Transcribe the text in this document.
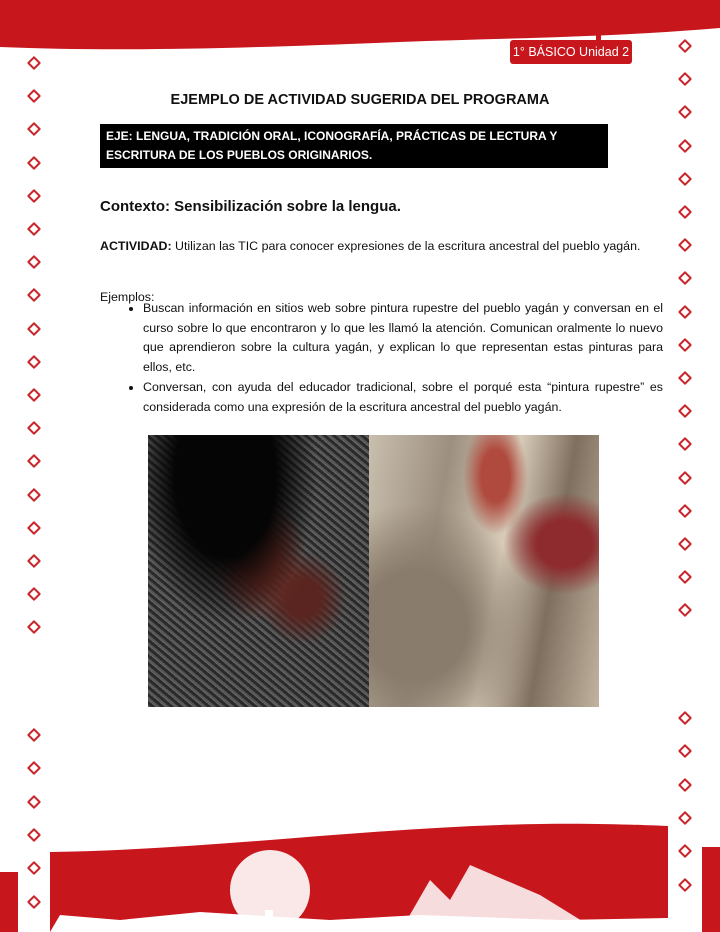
1° BÁSICO Unidad 2
EJEMPLO DE ACTIVIDAD SUGERIDA DEL PROGRAMA
EJE: LENGUA, TRADICIÓN ORAL, ICONOGRAFÍA, PRÁCTICAS DE LECTURA Y ESCRITURA DE LOS PUEBLOS ORIGINARIOS.
Contexto: Sensibilización sobre la lengua.
ACTIVIDAD: Utilizan las TIC para conocer expresiones de la escritura ancestral del pueblo yagán.
Ejemplos:
• Buscan información en sitios web sobre pintura rupestre del pueblo yagán y conversan en el curso sobre lo que encontraron y lo que les llamó la atención. Comunican oralmente lo nuevo que aprendieron sobre la cultura yagán, y explican lo que representan estas pinturas para ellos, etc.
• Conversan, con ayuda del educador tradicional, sobre el porqué esta “pintura rupestre” es considerada como una expresión de la escritura ancestral del pueblo yagán.
